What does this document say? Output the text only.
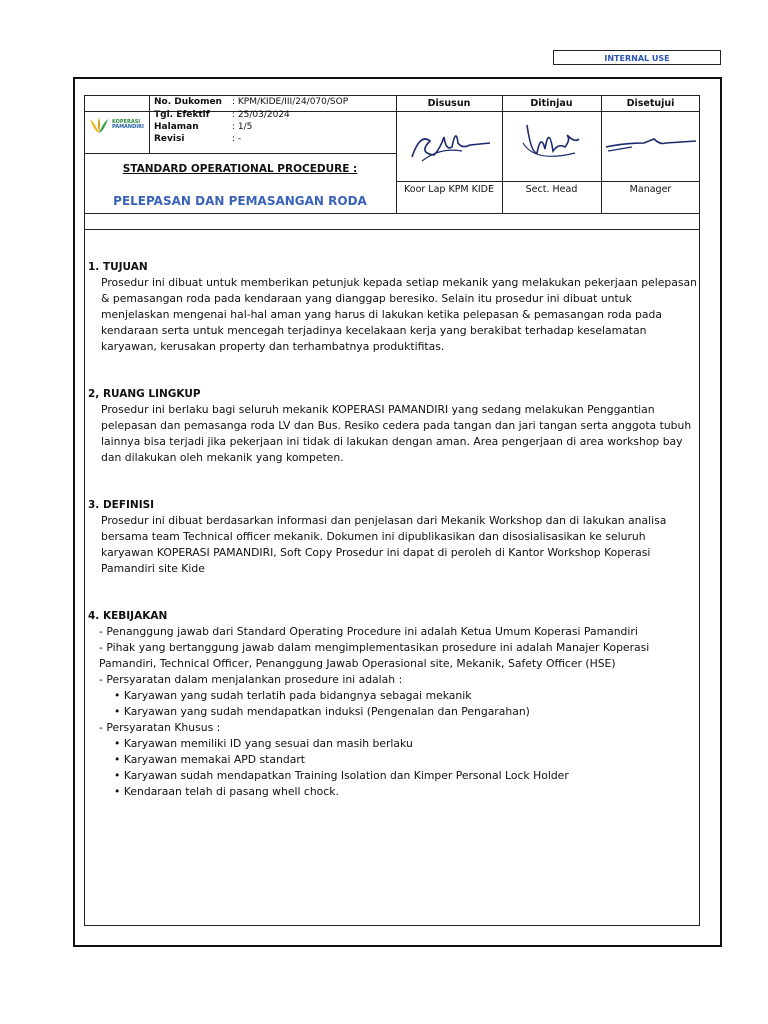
INTERNAL USE
KOPERASI
PAMANDIRI
No. Dukomen : KPM/KIDE/III/24/070/SOP
Tgl. Efektif : 25/03/2024
Halaman	: 1/5
Revisi	: -
Disusun	Ditinjau	Disetujui
Koor Lap KPM KIDE	Sect. Head	Manager
STANDARD OPERATIONAL PROCEDURE :
PELEPASAN DAN PEMASANGAN RODA
1. TUJUAN
Prosedur ini dibuat untuk memberikan petunjuk kepada setiap mekanik yang melakukan pekerjaan pelepasan & pemasangan roda pada kendaraan yang dianggap beresiko. Selain itu prosedur ini dibuat untuk menjelaskan mengenai hal-hal aman yang harus di lakukan ketika pelepasan & pemasangan roda pada kendaraan serta untuk mencegah terjadinya kecelakaan kerja yang berakibat terhadap keselamatan karyawan, kerusakan property dan terhambatnya produktifitas.
2, RUANG LINGKUP
Prosedur ini berlaku bagi seluruh mekanik KOPERASI PAMANDIRI yang sedang melakukan Penggantian pelepasan dan pemasanga roda LV dan Bus. Resiko cedera pada tangan dan jari tangan serta anggota tubuh lainnya bisa terjadi jika pekerjaan ini tidak di lakukan dengan aman. Area pengerjaan di area workshop bay dan dilakukan oleh mekanik yang kompeten.
3. DEFINISI
Prosedur ini dibuat berdasarkan informasi dan penjelasan dari Mekanik Workshop dan di lakukan analisa bersama team Technical officer mekanik. Dokumen ini dipublikasikan dan disosialisasikan ke seluruh karyawan KOPERASI PAMANDIRI, Soft Copy Prosedur ini dapat di peroleh di Kantor Workshop Koperasi Pamandiri site Kide
4. KEBIJAKAN
- Penanggung jawab dari Standard Operating Procedure ini adalah Ketua Umum Koperasi Pamandiri
- Pihak yang bertanggung jawab dalam mengimplementasikan prosedure ini adalah Manajer Koperasi Pamandiri, Technical Officer, Penanggung Jawab Operasional site, Mekanik, Safety Officer (HSE)
- Persyaratan dalam menjalankan prosedure ini adalah :
• Karyawan yang sudah terlatih pada bidangnya sebagai mekanik
• Karyawan yang sudah mendapatkan induksi (Pengenalan dan Pengarahan)
- Persyaratan Khusus :
• Karyawan memiliki ID yang sesuai dan masih berlaku
• Karyawan memakai APD standart
• Karyawan sudah mendapatkan Training Isolation dan Kimper Personal Lock Holder
• Kendaraan telah di pasang whell chock.
